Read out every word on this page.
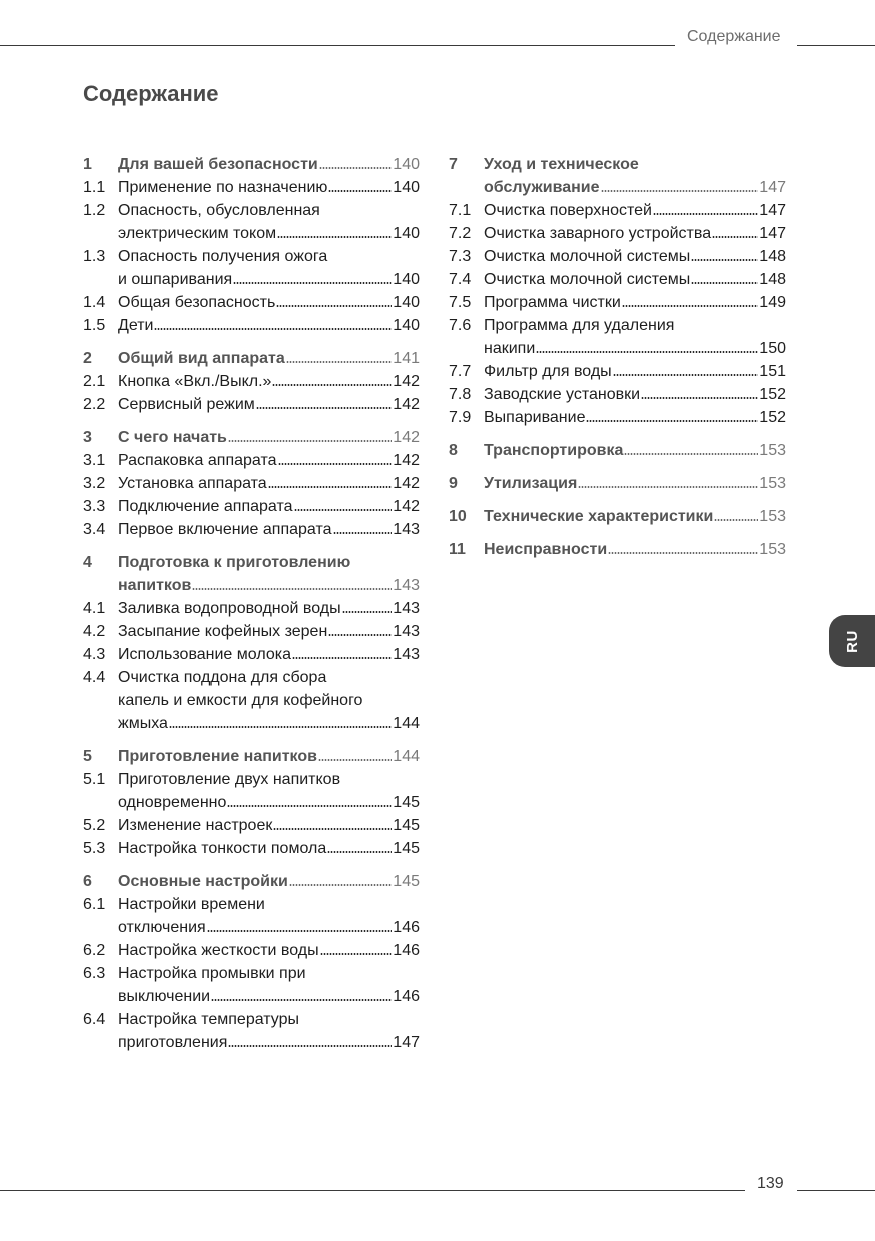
Содержание
Содержание
1	Для вашей безопасности	140
1.1 Применение по назначению	140
1.2 Опасность, обусловленная
электрическим током	140
1.3 Опасность получения ожога
и ошпаривания	140
1.4 Общая безопасность	140
1.5 Дети	140
2	Общий вид аппарата	141
2.1 Кнопка «Вкл./Выкл.»	142
2.2 Сервисный режим	142
3	С чего начать	142
3.1 Распаковка аппарата	142
3.2 Установка аппарата	142
3.3 Подключение аппарата	142
3.4 Первое включение аппарата	143
4	Подготовка к приготовлению
напитков	143
4.1 Заливка водопроводной воды	143
4.2 Засыпание кофейных зерен	143
4.3 Использование молока	143
4.4 Очистка поддона для сбора
капель и емкости для кофейного
жмыха	144
5	Приготовление напитков	144
5.1 Приготовление двух напитков
одновременно	145
5.2 Изменение настроек	145
5.3 Настройка тонкости помола	145
6	Основные настройки	145
6.1 Настройки времени
отключения	146
6.2 Настройка жесткости воды	146
6.3 Настройка промывки при
выключении	146
6.4 Настройка температуры
приготовления	147
7	Уход и техническое
обслуживание	147
7.1 Очистка поверхностей	147
7.2 Очистка заварного устройства	147
7.3 Очистка молочной системы	148
7.4 Очистка молочной системы	148
7.5 Программа чистки	149
7.6 Программа для удаления
накипи	150
7.7 Фильтр для воды	151
7.8 Заводские установки	152
7.9 Выпаривание	152
8	Транспортировка	153
9	Утилизация	153
10	Технические характеристики	153
11	Неисправности	153
RU
139
